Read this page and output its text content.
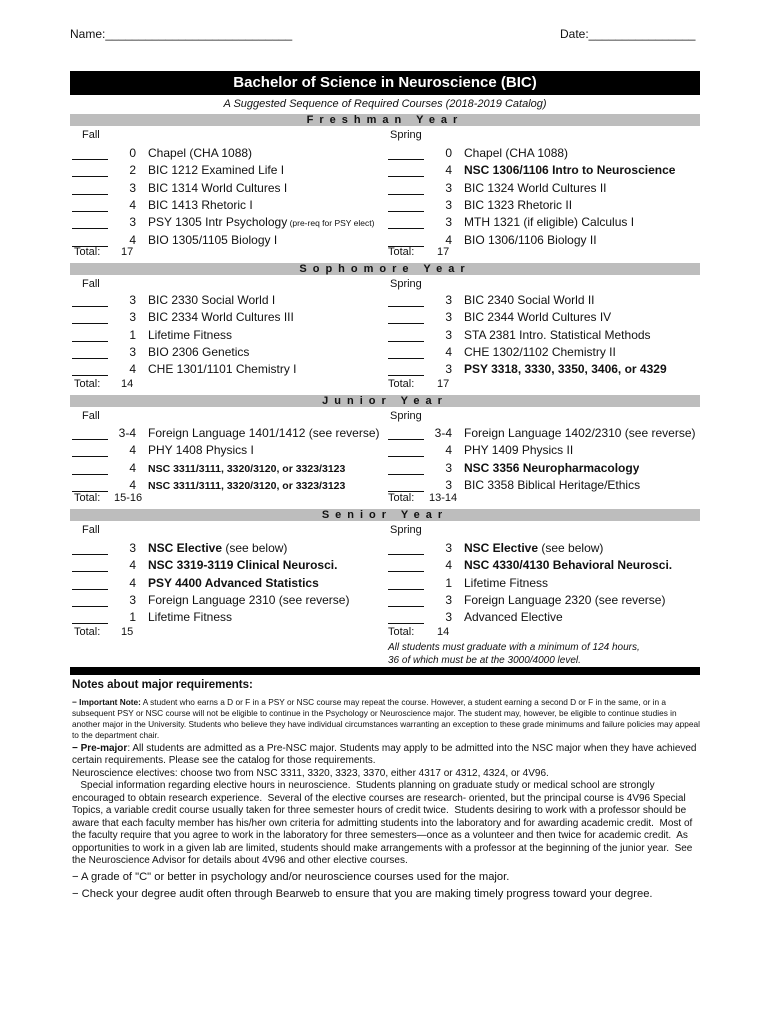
Name:____________________________	Date:________________
Bachelor of Science in Neuroscience (BIC)
A Suggested Sequence of Required Courses (2018-2019 Catalog)
Freshman Year
Fall
0 Chapel (CHA 1088)
2 BIC 1212 Examined Life I
3 BIC 1314 World Cultures I
4 BIC 1413 Rhetoric I
3 PSY 1305 Intr Psychology (pre-req for PSY elect)
4 BIO 1305/1105 Biology I
Total: 17
Spring
0 Chapel (CHA 1088)
4 NSC 1306/1106 Intro to Neuroscience
3 BIC 1324 World Cultures II
3 BIC 1323 Rhetoric II
3 MTH 1321 (if eligible) Calculus I
4 BIO 1306/1106 Biology II
Total: 17
Sophomore Year
Fall
3 BIC 2330 Social World I
3 BIC 2334 World Cultures III
1 Lifetime Fitness
3 BIO 2306 Genetics
4 CHE 1301/1101 Chemistry I
Total: 14
Spring
3 BIC 2340 Social World II
3 BIC 2344 World Cultures IV
3 STA 2381 Intro. Statistical Methods
4 CHE 1302/1102 Chemistry II
3 PSY 3318, 3330, 3350, 3406, or 4329
Total: 17
Junior Year
Fall
3-4 Foreign Language 1401/1412 (see reverse)
4 PHY 1408 Physics I
4 NSC 3311/3111, 3320/3120, or 3323/3123
4 NSC 3311/3111, 3320/3120, or 3323/3123
Total: 15-16
Spring
3-4 Foreign Language 1402/2310 (see reverse)
4 PHY 1409 Physics II
3 NSC 3356 Neuropharmacology
3 BIC 3358 Biblical Heritage/Ethics
Total: 13-14
Senior Year
Fall
3 NSC Elective (see below)
4 NSC 3319-3119 Clinical Neurosci.
4 PSY 4400 Advanced Statistics
3 Foreign Language 2310 (see reverse)
1 Lifetime Fitness
Total: 15
Spring
3 NSC Elective (see below)
4 NSC 4330/4130 Behavioral Neurosci.
1 Lifetime Fitness
3 Foreign Language 2320 (see reverse)
3 Advanced Elective
Total: 14
All students must graduate with a minimum of 124 hours,
36 of which must be at the 3000/4000 level.

Notes about major requirements:

− Important Note: A student who earns a D or F in a PSY or NSC course may repeat the course. However, a student earning a second D or F in the same, or in a subsequent PSY or NSC course will not be eligible to continue in the Psychology or Neuroscience major. The student may, however, be eligible to continue studies in another major in the University. Students who believe they have individual circumstances warranting an exception to these grade minimums and failure policies may appeal to the department chair.

− Pre-major: All students are admitted as a Pre-NSC major. Students may apply to be admitted into the NSC major when they have achieved certain requirements. Please see the catalog for those requirements.

Neuroscience electives: choose two from NSC 3311, 3320, 3323, 3370, either 4317 or 4312, 4324, or 4V96.

Special information regarding elective hours in neuroscience.  Students planning on graduate study or medical school are strongly encouraged to obtain research experience.  Several of the elective courses are research- oriented, but the principal course is 4V96 Special Topics, a variable credit course usually taken for three semester hours of credit twice.  Students desiring to work with a professor should be aware that each faculty member has his/her own criteria for admitting students into the laboratory and for awarding academic credit.  Most of the faculty require that you agree to work in the laboratory for three semesters—once as a volunteer and then twice for academic credit.  As opportunities to work in a given lab are limited, students should make arrangements with a professor at the beginning of the junior year.  See the Neuroscience Advisor for details about 4V96 and other elective courses.

− A grade of "C" or better in psychology and/or neuroscience courses used for the major.

− Check your degree audit often through Bearweb to ensure that you are making timely progress toward your degree.
